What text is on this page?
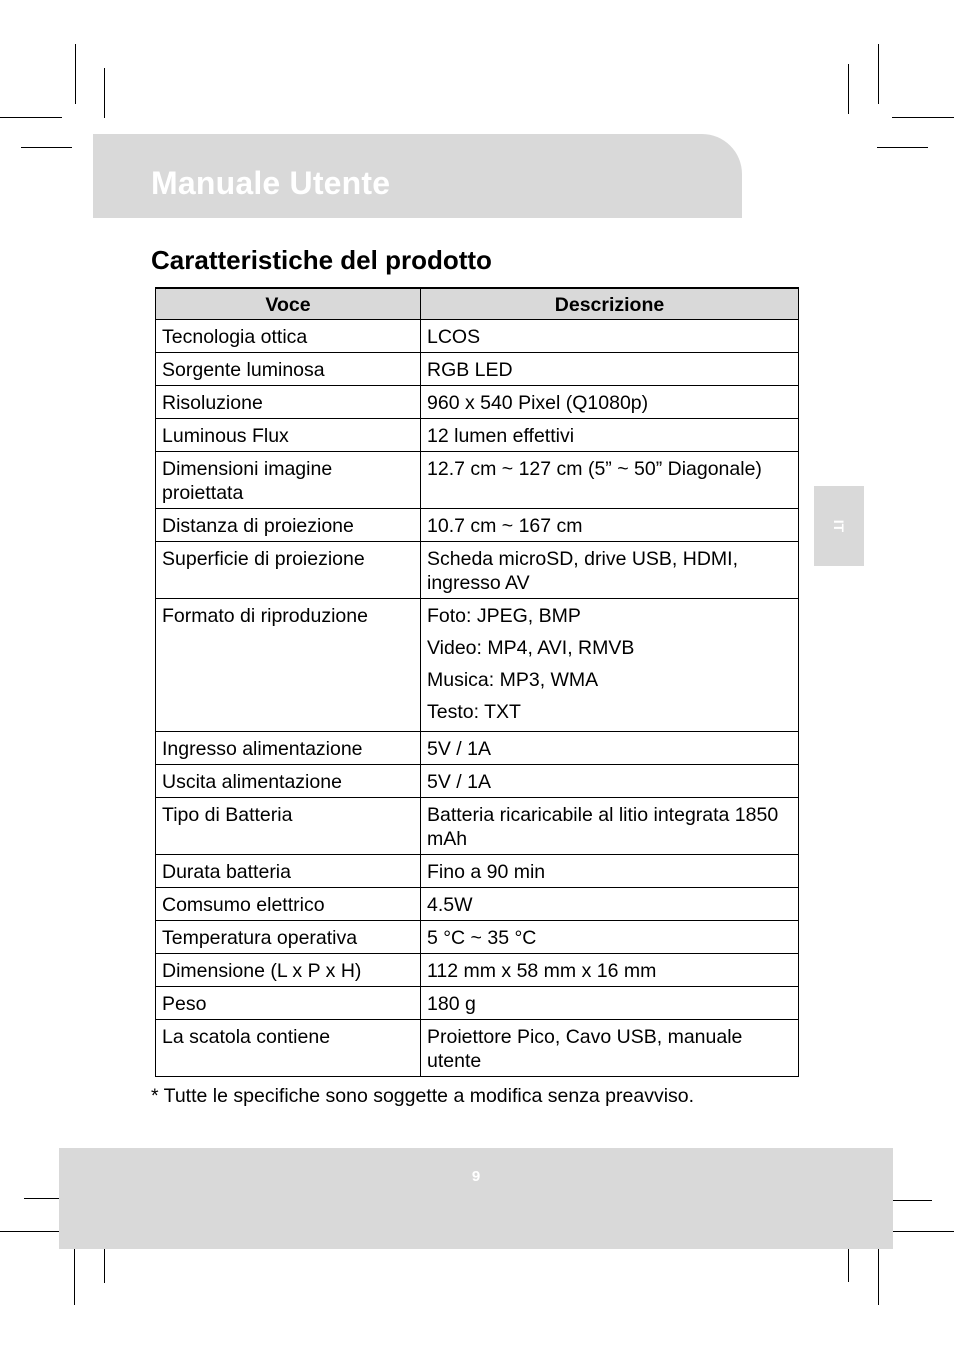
Manuale Utente
Caratteristiche del prodotto
Voce	Descrizione
Tecnologia ottica	LCOS
Sorgente luminosa	RGB LED
Risoluzione	960 x 540 Pixel (Q1080p)
Luminous Flux	12 lumen effettivi
Dimensioni imagine proiettata	12.7 cm ~ 127 cm (5” ~ 50” Diagonale)
Distanza di proiezione	10.7 cm ~ 167 cm
Superficie di proiezione	Scheda microSD, drive USB, HDMI, ingresso AV
Formato di riproduzione	Foto: JPEG, BMP
Video: MP4, AVI, RMVB
Musica: MP3, WMA
Testo: TXT

Ingresso alimentazione	5V / 1A
Uscita alimentazione	5V / 1A
Tipo di Batteria	Batteria ricaricabile al litio integrata 1850 mAh
Durata batteria	Fino a 90 min
Comsumo elettrico	4.5W
Temperatura operativa	5 °C ~ 35 °C
Dimensione (L x P x H)	112 mm x 58 mm x 16 mm
Peso	180 g
La scatola contiene	Proiettore Pico, Cavo USB, manuale utente
* Tutte le specifiche sono soggette a modifica senza preavviso.
IT
9
